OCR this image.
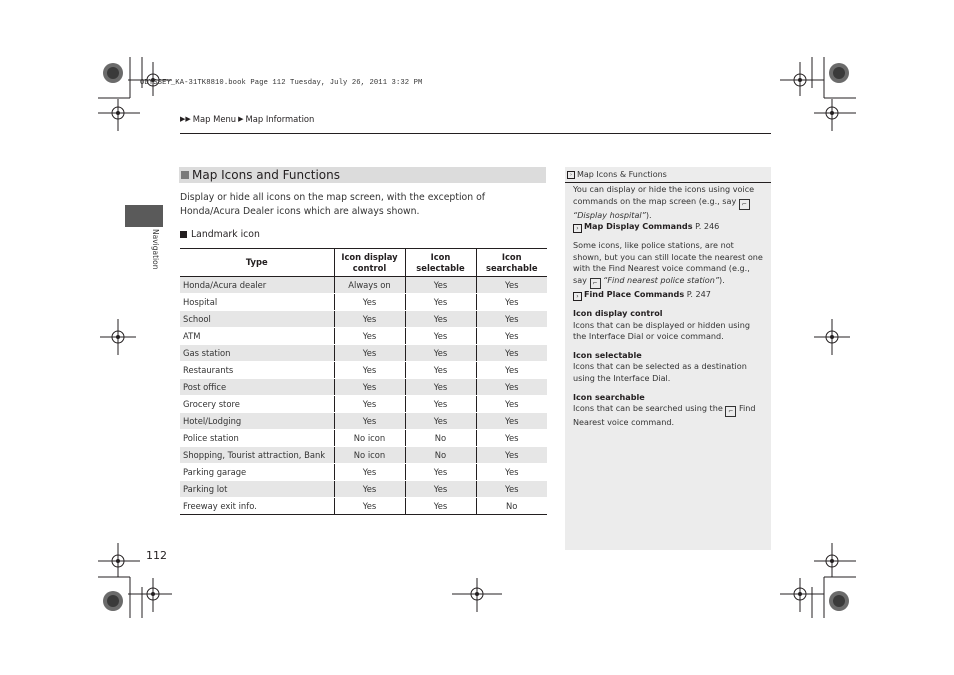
ODYSSEY_KA-31TK8810.book Page 112 Tuesday, July 26, 2011 3:32 PM
▶▶ Map Menu ▶ Map Information
Navigation
Map Icons and Functions
Display or hide all icons on the map screen, with the exception of Honda/Acura Dealer icons which are always shown.
Landmark icon
Type	Icon display control	Icon selectable	Icon searchable
Honda/Acura dealer	Always on	Yes	Yes
Hospital	Yes	Yes	Yes
School	Yes	Yes	Yes
ATM	Yes	Yes	Yes
Gas station	Yes	Yes	Yes
Restaurants	Yes	Yes	Yes
Post office	Yes	Yes	Yes
Grocery store	Yes	Yes	Yes
Hotel/Lodging	Yes	Yes	Yes
Police station	No icon	No	Yes
Shopping, Tourist attraction, Bank	No icon	No	Yes
Parking garage	Yes	Yes	Yes
Parking lot	Yes	Yes	Yes
Freeway exit info.	Yes	Yes	No
› Map Icons & Functions

You can display or hide the icons using voice commands on the map screen (e.g., say ⌐
“Display hospital”).

› Map Display Commands P. 246

Some icons, like police stations, are not shown, but you can still locate the nearest one with the Find Nearest voice command (e.g., say ⌐ “Find nearest police station”).

› Find Place Commands P. 247

Icon display control

Icons that can be displayed or hidden using the Interface Dial or voice command.

Icon selectable

Icons that can be selected as a destination using the Interface Dial.

Icon searchable

Icons that can be searched using the ⌐ Find Nearest voice command.

112
